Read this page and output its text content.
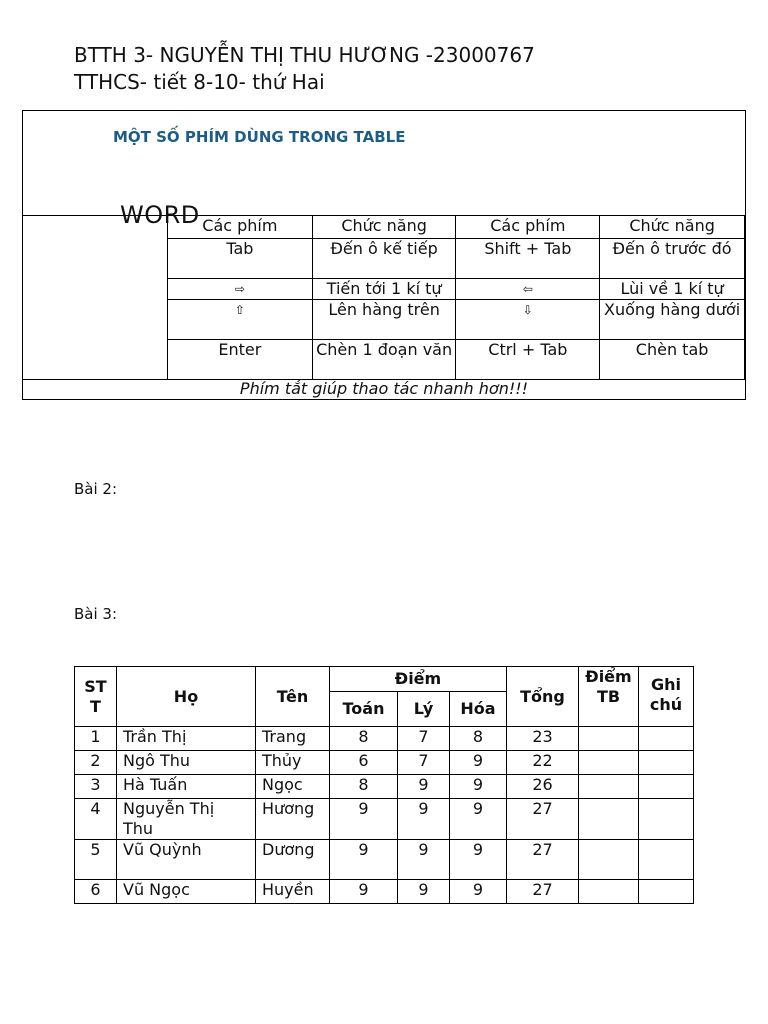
BTTH 3- NGUYỄN THỊ THU HƯƠNG -23000767
TTHCS- tiết 8-10- thứ Hai
MỘT SỐ PHÍM DÙNG TRONG TABLE
Các phím	Chức năng	Các phím	Chức năng
Tab	Đến ô kế tiếp	Shift + Tab	Đến ô trước đó
⇨	Tiến tới 1 kí tự	⇦	Lùi về 1 kí tự
⇧	Lên hàng trên	⇩	Xuống hàng dưới
Enter	Chèn 1 đoạn văn	Ctrl + Tab	Chèn tab
WORD
Phím tắt giúp thao tác nhanh hơn!!!
Bài 2:
Bài 3:
STT	Họ	Tên	Điểm			Tổng	Điểm TB	Ghi chú
			Toán	Lý	Hóa			
1	Trần Thị	Trang	8	7	8	23		
2	Ngô Thu	Thủy	6	7	9	22		
3	Hà Tuấn	Ngọc	8	9	9	26		
4	Nguyễn Thị Thu	Hương	9	9	9	27		
5	Vũ Quỳnh	Dương	9	9	9	27		
6	Vũ Ngọc	Huyền	9	9	9	27		
